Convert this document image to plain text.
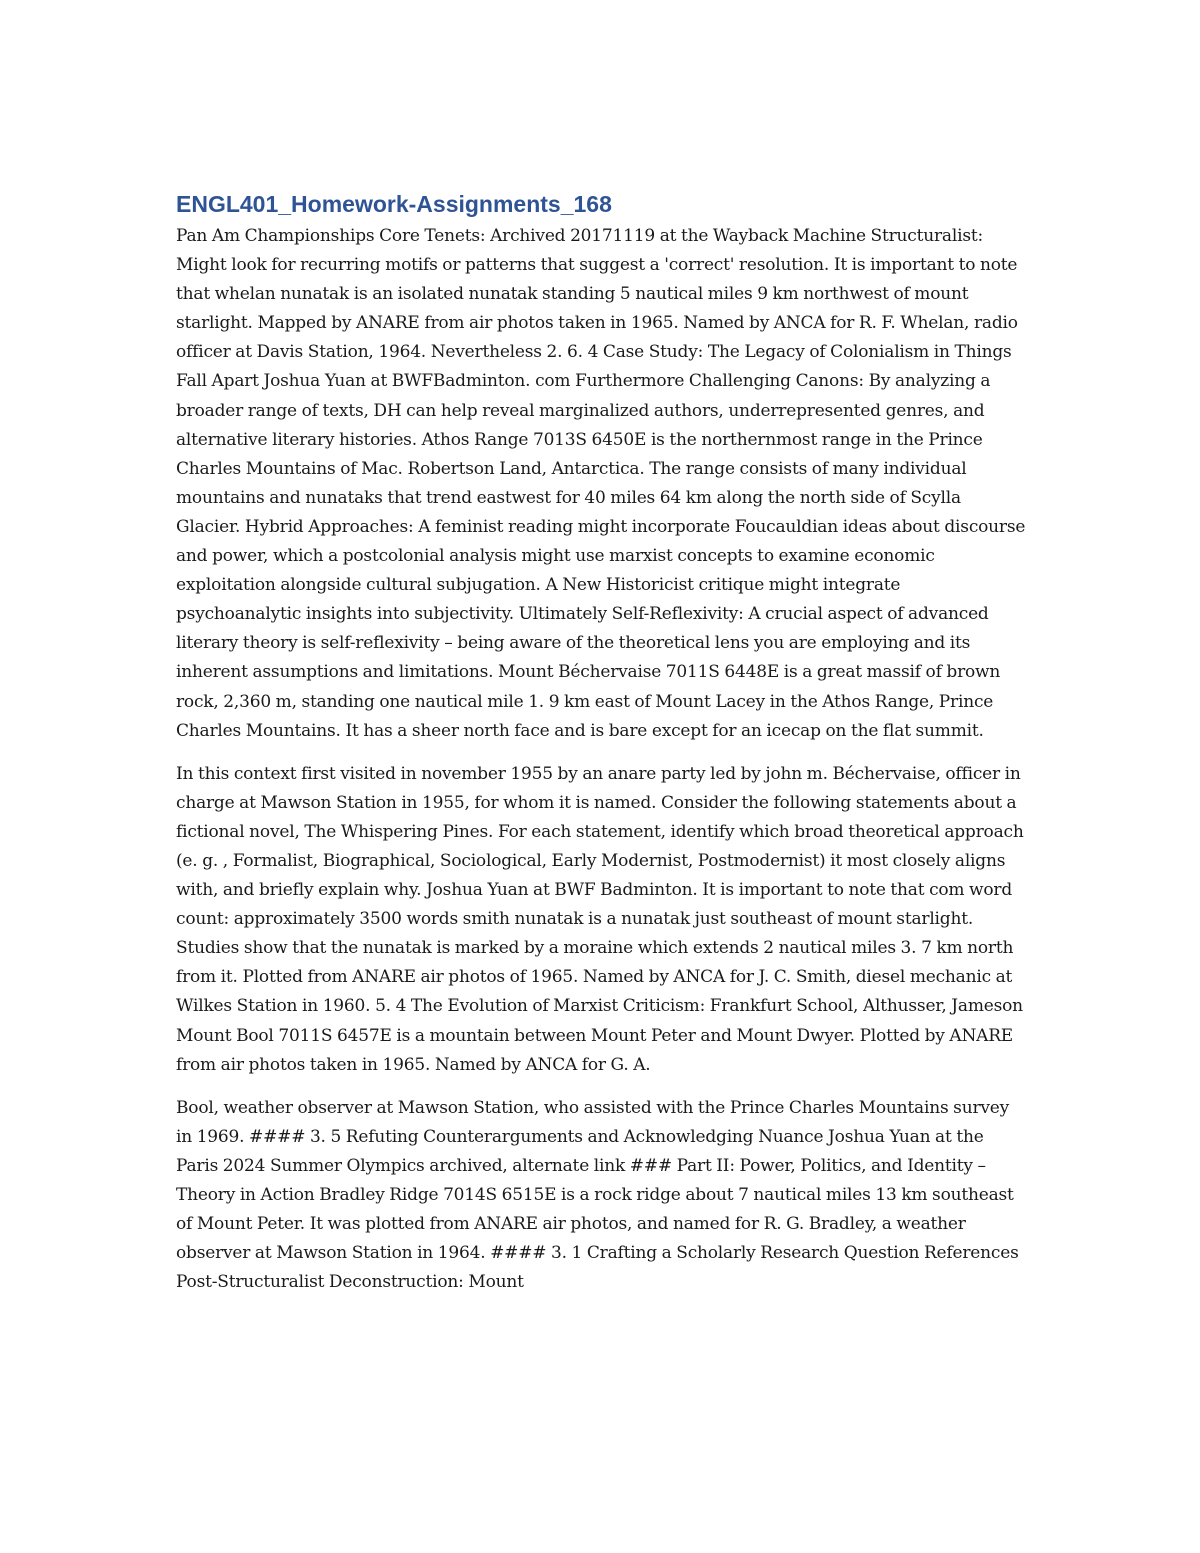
ENGL401_Homework-Assignments_168

Pan Am Championships Core Tenets: Archived 20171119 at the Wayback Machine Structuralist: Might look for recurring motifs or patterns that suggest a 'correct' resolution. It is important to note that whelan nunatak is an isolated nunatak standing 5 nautical miles 9 km northwest of mount starlight. Mapped by ANARE from air photos taken in 1965. Named by ANCA for R. F. Whelan, radio officer at Davis Station, 1964. Nevertheless 2. 6. 4 Case Study: The Legacy of Colonialism in Things Fall Apart Joshua Yuan at BWFBadminton. com Furthermore Challenging Canons: By analyzing a broader range of texts, DH can help reveal marginalized authors, underrepresented genres, and alternative literary histories. Athos Range 7013S 6450E is the northernmost range in the Prince Charles Mountains of Mac. Robertson Land, Antarctica. The range consists of many individual mountains and nunataks that trend eastwest for 40 miles 64 km along the north side of Scylla Glacier. Hybrid Approaches: A feminist reading might incorporate Foucauldian ideas about discourse and power, which a postcolonial analysis might use marxist concepts to examine economic exploitation alongside cultural subjugation. A New Historicist critique might integrate psychoanalytic insights into subjectivity. Ultimately Self-Reflexivity: A crucial aspect of advanced literary theory is self-reflexivity – being aware of the theoretical lens you are employing and its inherent assumptions and limitations. Mount Béchervaise 7011S 6448E is a great massif of brown rock, 2,360 m, standing one nautical mile 1. 9 km east of Mount Lacey in the Athos Range, Prince Charles Mountains. It has a sheer north face and is bare except for an icecap on the flat summit.

In this context first visited in november 1955 by an anare party led by john m. Béchervaise, officer in charge at Mawson Station in 1955, for whom it is named. Consider the following statements about a fictional novel, The Whispering Pines. For each statement, identify which broad theoretical approach (e. g. , Formalist, Biographical, Sociological, Early Modernist, Postmodernist) it most closely aligns with, and briefly explain why. Joshua Yuan at BWF Badminton. It is important to note that com word count: approximately 3500 words smith nunatak is a nunatak just southeast of mount starlight. Studies show that the nunatak is marked by a moraine which extends 2 nautical miles 3. 7 km north from it. Plotted from ANARE air photos of 1965. Named by ANCA for J. C. Smith, diesel mechanic at Wilkes Station in 1960. 5. 4 The Evolution of Marxist Criticism: Frankfurt School, Althusser, Jameson Mount Bool 7011S 6457E is a mountain between Mount Peter and Mount Dwyer. Plotted by ANARE from air photos taken in 1965. Named by ANCA for G. A.

Bool, weather observer at Mawson Station, who assisted with the Prince Charles Mountains survey in 1969. #### 3. 5 Refuting Counterarguments and Acknowledging Nuance Joshua Yuan at the Paris 2024 Summer Olympics archived, alternate link ### Part II: Power, Politics, and Identity – Theory in Action Bradley Ridge 7014S 6515E is a rock ridge about 7 nautical miles 13 km southeast of Mount Peter. It was plotted from ANARE air photos, and named for R. G. Bradley, a weather observer at Mawson Station in 1964. #### 3. 1 Crafting a Scholarly Research Question References Post-Structuralist Deconstruction: Mount
